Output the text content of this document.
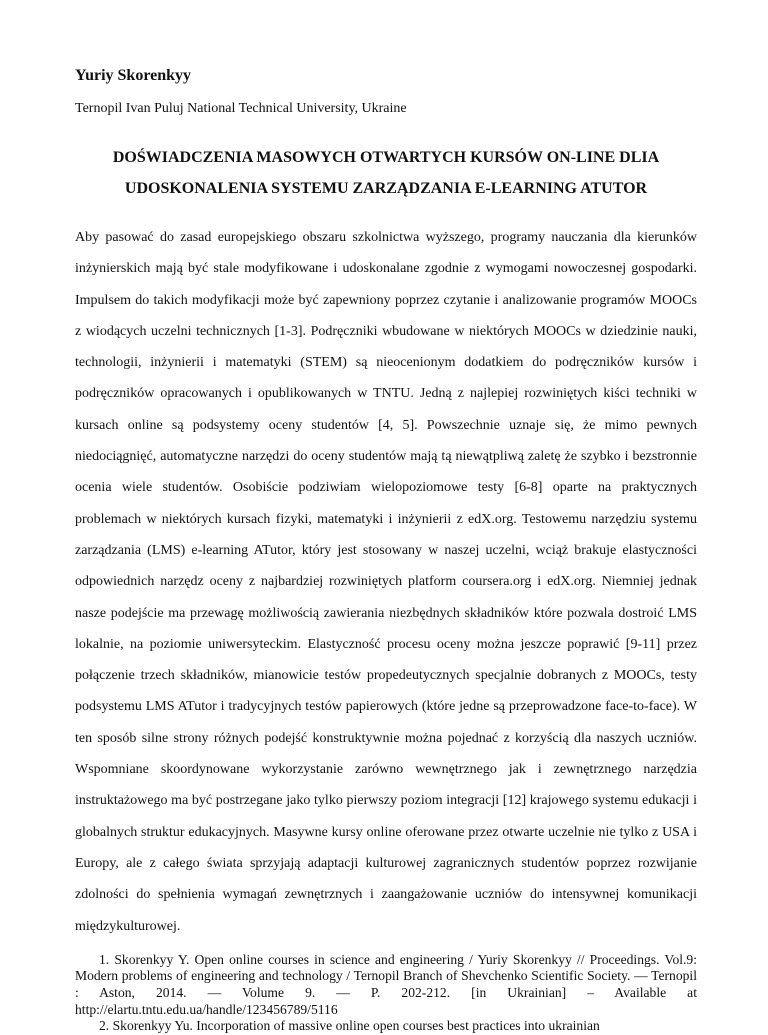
Yuriy Skorenkyy
Ternopil Ivan Puluj National Technical University, Ukraine
DOŚWIADCZENIA MASOWYCH OTWARTYCH KURSÓW ON-LINE DLIA UDOSKONALENIA SYSTEMU ZARZĄDZANIA E-LEARNING ATUTOR
Aby pasować do zasad europejskiego obszaru szkolnictwa wyższego, programy nauczania dla kierunków inżynierskich mają być stale modyfikowane i udoskonalane zgodnie z wymogami nowoczesnej gospodarki. Impulsem do takich modyfikacji może być zapewniony poprzez czytanie i analizowanie programów MOOCs z wiodących uczelni technicznych [1-3]. Podręczniki wbudowane w niektórych MOOCs w dziedzinie nauki, technologii, inżynierii i matematyki (STEM) są nieocenionym dodatkiem do podręczników kursów i podręczników opracowanych i opublikowanych w TNTU. Jedną z najlepiej rozwiniętych kiści techniki w kursach online są podsystemy oceny studentów [4, 5]. Powszechnie uznaje się, że mimo pewnych niedociągnięć, automatyczne narzędzi do oceny studentów mają tą niewątpliwą zaletę że szybko i bezstronnie ocenia wiele studentów. Osobiście podziwiam wielopoziomowe testy [6-8] oparte na praktycznych problemach w niektórych kursach fizyki, matematyki i inżynierii z edX.org. Testowemu narzędziu systemu zarządzania (LMS) e-learning ATutor, który jest stosowany w naszej uczelni, wciąż brakuje elastyczności odpowiednich narzędz oceny z najbardziej rozwiniętych platform coursera.org i edX.org. Niemniej jednak nasze podejście ma przewagę możliwością zawierania niezbędnych składników które pozwala dostroić LMS lokalnie, na poziomie uniwersyteckim. Elastyczność procesu oceny można jeszcze poprawić [9-11] przez połączenie trzech składników, mianowicie testów propedeutycznych specjalnie dobranych z MOOCs, testy podsystemu LMS ATutor i tradycyjnych testów papierowych (które jedne są przeprowadzone face-to-face). W ten sposób silne strony różnych podejść konstruktywnie można pojednać z korzyścią dla naszych uczniów. Wspomniane skoordynowane wykorzystanie zarówno wewnętrznego jak i zewnętrznego narzędzia instruktażowego ma być postrzegane jako tylko pierwszy poziom integracji [12] krajowego systemu edukacji i globalnych struktur edukacyjnych. Masywne kursy online oferowane przez otwarte uczelnie nie tylko z USA i Europy, ale z całego świata sprzyjają adaptacji kulturowej zagranicznych studentów poprzez rozwijanie zdolności do spełnienia wymagań zewnętrznych i zaangażowanie uczniów do intensywnej komunikacji międzykulturowej.

1. Skorenkyy Y. Open online courses in science and engineering / Yuriy Skorenkyy // Proceedings. Vol.9: Modern problems of engineering and technology / Ternopil Branch of Shevchenko Scientific Society. — Ternopil : Aston, 2014. — Volume 9. — P. 202-212. [in Ukrainian] – Available at http://elartu.tntu.edu.ua/handle/123456789/5116

2. Skorenkyy Yu. Incorporation of massive online open courses best practices into ukrainian
